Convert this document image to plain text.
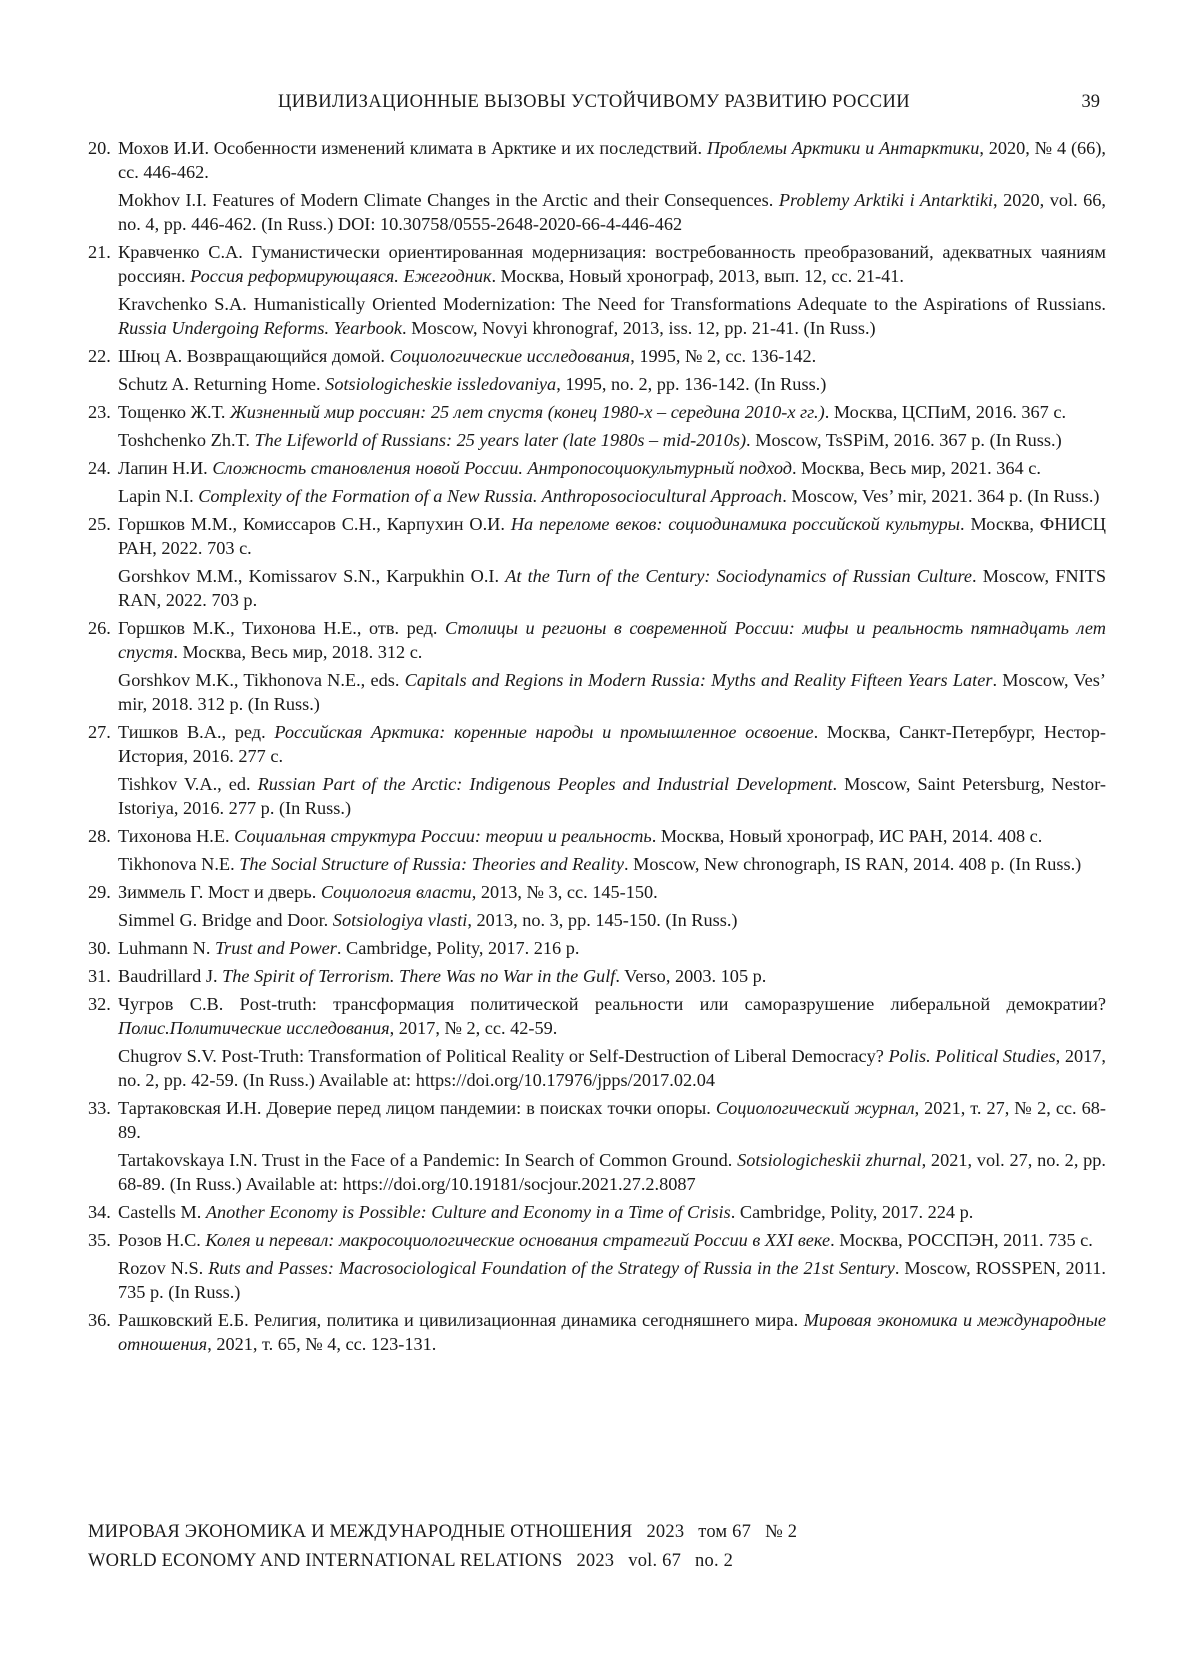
ЦИВИЛИЗАЦИОННЫЕ ВЫЗОВЫ УСТОЙЧИВОМУ РАЗВИТИЮ РОССИИ	39
20. Мохов И.И. Особенности изменений климата в Арктике и их последствий. Проблемы Арктики и Антарктики, 2020, № 4 (66), сс. 446-462.
Mokhov I.I. Features of Modern Climate Changes in the Arctic and their Consequences. Problemy Arktiki i Antarktiki, 2020, vol. 66, no. 4, pp. 446-462. (In Russ.) DOI: 10.30758/0555-2648-2020-66-4-446-462
21. Кравченко С.А. Гуманистически ориентированная модернизация: востребованность преобразований, адекватных чаяниям россиян. Россия реформирующаяся. Ежегодник. Москва, Новый хронограф, 2013, вып. 12, сс. 21-41.
Kravchenko S.A. Humanistically Oriented Modernization: The Need for Transformations Adequate to the Aspirations of Russians. Russia Undergoing Reforms. Yearbook. Moscow, Novyi khronograf, 2013, iss. 12, pp. 21-41. (In Russ.)
22. Шюц А. Возвращающийся домой. Социологические исследования, 1995, № 2, сс. 136-142.
Schutz A. Returning Home. Sotsiologicheskie issledovaniya, 1995, no. 2, pp. 136-142. (In Russ.)
23. Тощенко Ж.Т. Жизненный мир россиян: 25 лет спустя (конец 1980-х – середина 2010-х гг.). Москва, ЦСПиМ, 2016. 367 с.
Toshchenko Zh.T. The Lifeworld of Russians: 25 years later (late 1980s – mid-2010s). Moscow, TsSPiM, 2016. 367 p. (In Russ.)
24. Лапин Н.И. Сложность становления новой России. Антропосоциокультурный подход. Москва, Весь мир, 2021. 364 с.
Lapin N.I. Complexity of the Formation of a New Russia. Anthroposociocultural Approach. Moscow, Ves’ mir, 2021. 364 p. (In Russ.)
25. Горшков М.М., Комиссаров С.Н., Карпухин О.И. На переломе веков: социодинамика российской культуры. Москва, ФНИСЦ РАН, 2022. 703 с.
Gorshkov M.M., Komissarov S.N., Karpukhin O.I. At the Turn of the Century: Sociodynamics of Russian Culture. Moscow, FNITS RAN, 2022. 703 p.
26. Горшков М.К., Тихонова Н.Е., отв. ред. Столицы и регионы в современной России: мифы и реальность пятнадцать лет спустя. Москва, Весь мир, 2018. 312 с.
Gorshkov M.K., Tikhonova N.E., eds. Capitals and Regions in Modern Russia: Myths and Reality Fifteen Years Later. Moscow, Ves’ mir, 2018. 312 p. (In Russ.)
27. Тишков В.А., ред. Российская Арктика: коренные народы и промышленное освоение. Москва, Санкт-Петербург, Нестор-История, 2016. 277 с.
Tishkov V.A., ed. Russian Part of the Arctic: Indigenous Peoples and Industrial Development. Moscow, Saint Petersburg, Nestor-Istoriya, 2016. 277 p. (In Russ.)
28. Тихонова Н.Е. Социальная структура России: теории и реальность. Москва, Новый хронограф, ИС РАН, 2014. 408 с.
Tikhonova N.E. The Social Structure of Russia: Theories and Reality. Moscow, New chronograph, IS RAN, 2014. 408 p. (In Russ.)
29. Зиммель Г. Мост и дверь. Социология власти, 2013, № 3, сс. 145-150.
Simmel G. Bridge and Door. Sotsiologiya vlasti, 2013, no. 3, pp. 145-150. (In Russ.)
30. Luhmann N. Trust and Power. Cambridge, Polity, 2017. 216 p.
31. Baudrillard J. The Spirit of Terrorism. There Was no War in the Gulf. Verso, 2003. 105 p.
32. Чугров С.В. Post-truth: трансформация политической реальности или саморазрушение либеральной демократии? Полис.Политические исследования, 2017, № 2, сс. 42-59.
Chugrov S.V. Post-Truth: Transformation of Political Reality or Self-Destruction of Liberal Democracy? Polis. Political Studies, 2017, no. 2, pp. 42-59. (In Russ.) Available at: https://doi.org/10.17976/jpps/2017.02.04
33. Тартаковская И.Н. Доверие перед лицом пандемии: в поисках точки опоры. Социологический журнал, 2021, т. 27, № 2, сс. 68-89.
Tartakovskaya I.N. Trust in the Face of a Pandemic: In Search of Common Ground. Sotsiologicheskii zhurnal, 2021, vol. 27, no. 2, pp. 68-89. (In Russ.) Available at: https://doi.org/10.19181/socjour.2021.27.2.8087
34. Castells M. Another Economy is Possible: Culture and Economy in a Time of Crisis. Cambridge, Polity, 2017. 224 p.
35. Розов Н.С. Колея и перевал: макросоциологические основания стратегий России в XXI веке. Москва, РОССПЭН, 2011. 735 с.
Rozov N.S. Ruts and Passes: Macrosociological Foundation of the Strategy of Russia in the 21st Sentury. Moscow, ROSSPEN, 2011. 735 p. (In Russ.)
36. Рашковский Е.Б. Религия, политика и цивилизационная динамика сегодняшнего мира. Мировая экономика и международные отношения, 2021, т. 65, № 4, сс. 123-131.
МИРОВАЯ ЭКОНОМИКА И МЕЖДУНАРОДНЫЕ ОТНОШЕНИЯ 2023 том 67 № 2
WORLD ECONOMY AND INTERNATIONAL RELATIONS 2023 vol. 67 no. 2
